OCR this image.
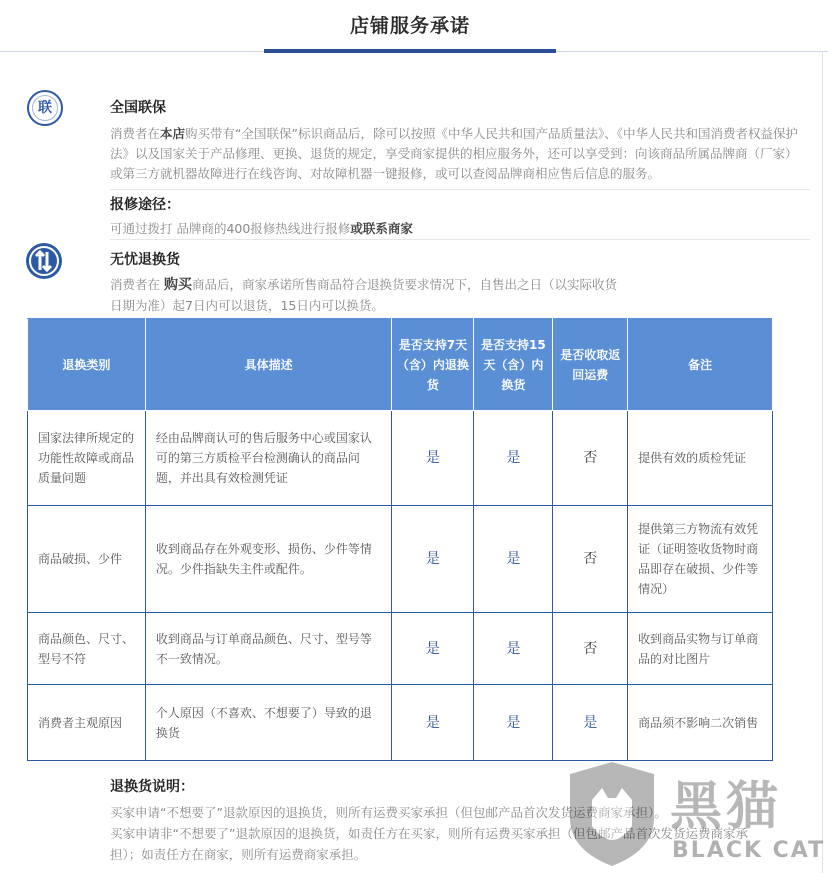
店铺服务承诺
联	全国联保
消费者在本店购买带有“全国联保”标识商品后，除可以按照《中华人民共和国产品质量法》、《中华人民共和国消费者权益保护法》以及国家关于产品修理、更换、退货的规定，享受商家提供的相应服务外，还可以享受到：向该商品所属品牌商（厂家）或第三方就机器故障进行在线咨询、对故障机器一键报修，或可以查阅品牌商相应售后信息的服务。
报修途径：
可通过拨打 品牌商的400报修热线进行报修或联系商家
无忧退换货
消费者在 购买商品后，商家承诺所售商品符合退换货要求情况下，自售出之日（以实际收货
日期为准）起7日内可以退货，15日内可以换货。
退换类别	具体描述	是否支持7天（含）内退换货	是否支持15天（含）内换货	是否收取返回运费	备注
国家法律所规定的功能性故障或商品质量问题	经由品牌商认可的售后服务中心或国家认可的第三方质检平台检测确认的商品问题，并出具有效检测凭证	是	是	否	提供有效的质检凭证
商品破损、少件	收到商品存在外观变形、损伤、少件等情况。少件指缺失主件或配件。	是	是	否	提供第三方物流有效凭证（证明签收货物时商品即存在破损、少件等情况）
商品颜色、尺寸、型号不符	收到商品与订单商品颜色、尺寸、型号等不一致情况。	是	是	否	收到商品实物与订单商品的对比图片
消费者主观原因	个人原因（不喜欢、不想要了）导致的退换货	是	是	是	商品须不影响二次销售
退换货说明：
买家申请“不想要了”退款原因的退换货，则所有运费买家承担（但包邮产品首次发货运费商家承担）。
买家申请非“不想要了”退款原因的退换货，如责任方在买家，则所有运费买家承担（但包邮产品首次发货运费商家承
担）；如责任方在商家，则所有运费商家承担。
黑猫
BLACK CAT
